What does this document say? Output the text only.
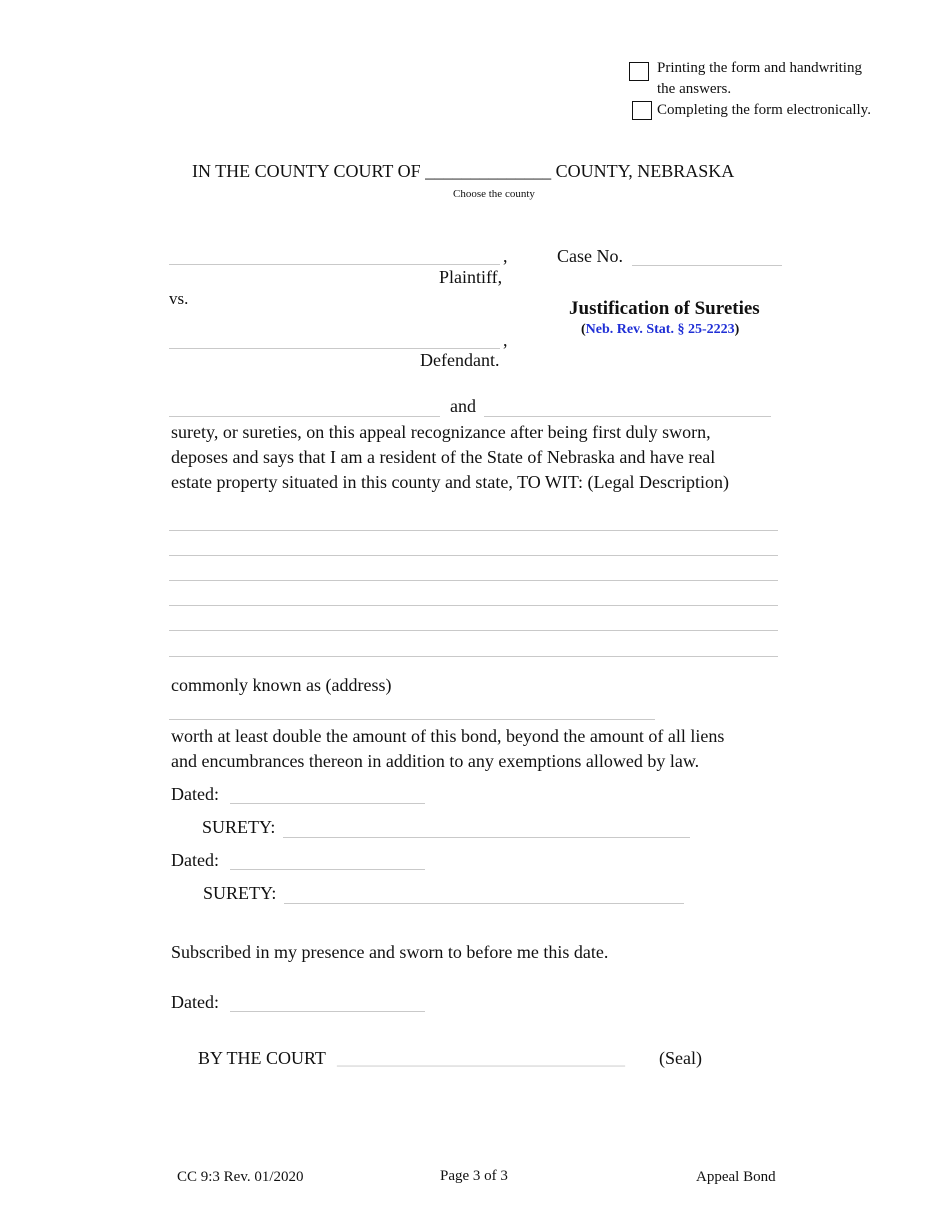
Printing the form and handwriting
the answers.
Completing the form electronically.
IN THE COUNTY COURT OF ______________ COUNTY, NEBRASKA
Choose the county
,
Plaintiff,
Case No.
vs.	Justification of Sureties
(Neb. Rev. Stat. § 25-2223)
,
Defendant.
and
surety, or sureties, on this appeal recognizance after being first duly sworn,
deposes and says that I am a resident of the State of Nebraska and have real
estate property situated in this county and state, TO WIT: (Legal Description)
commonly known as (address)
worth at least double the amount of this bond, beyond the amount of all liens
and encumbrances thereon in addition to any exemptions allowed by law.
Dated:
SURETY:
Dated:
SURETY:
Subscribed in my presence and sworn to before me this date.
Dated:
BY THE COURT ________________________________ (Seal)
CC 9:3 Rev. 01/2020	Page 3 of 3	Appeal Bond
